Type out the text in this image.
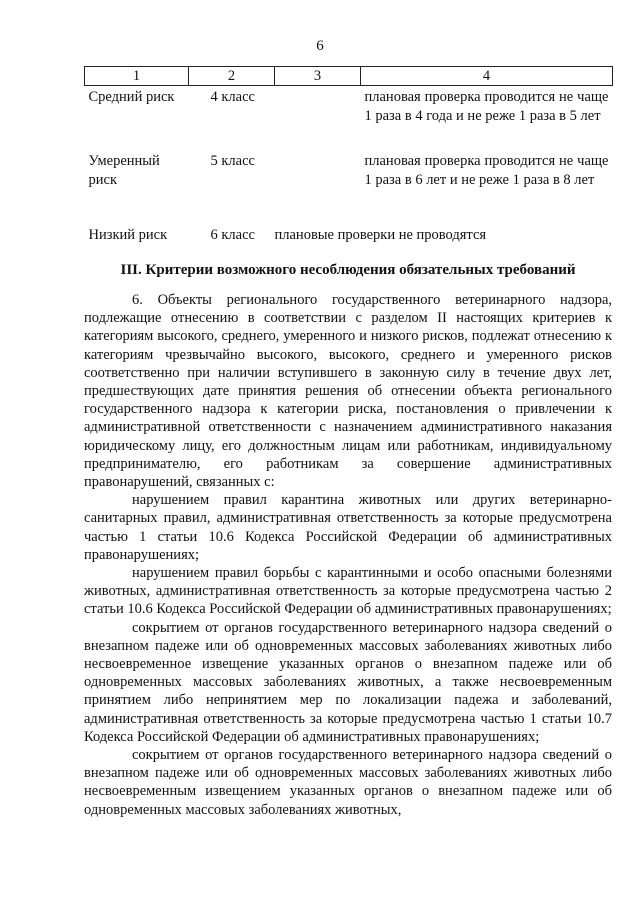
6
1	2	3	4
Средний риск	4 класс		плановая проверка проводится не чаще 1 раза в 4 года и не реже 1 раза в 5 лет
Умеренный риск	5 класс		плановая проверка проводится не чаще 1 раза в 6 лет и не реже 1 раза в 8 лет
Низкий риск	6 класс	плановые проверки не проводятся	
III. Критерии возможного несоблюдения обязательных требований

6. Объекты регионального государственного ветеринарного надзора, подлежащие отнесению в соответствии с разделом II настоящих критериев к категориям высокого, среднего, умеренного и низкого рисков, подлежат отнесению к категориям чрезвычайно высокого, высокого, среднего и умеренного рисков соответственно при наличии вступившего в законную силу в течение двух лет, предшествующих дате принятия решения об отнесении объекта регионального государственного надзора к категории риска, постановления о привлечении к административной ответственности с назначением административного наказания юридическому лицу, его должностным лицам или работникам, индивидуальному предпринимателю, его работникам за совершение административных правонарушений, связанных с:

нарушением правил карантина животных или других ветеринарно-санитарных правил, административная ответственность за которые предусмотрена частью 1 статьи 10.6 Кодекса Российской Федерации об административных правонарушениях;

нарушением правил борьбы с карантинными и особо опасными болезнями животных, административная ответственность за которые предусмотрена частью 2 статьи 10.6 Кодекса Российской Федерации об административных правонарушениях;

сокрытием от органов государственного ветеринарного надзора сведений о внезапном падеже или об одновременных массовых заболеваниях животных либо несвоевременное извещение указанных органов о внезапном падеже или об одновременных массовых заболеваниях животных, а также несвоевременным принятием либо непринятием мер по локализации падежа и заболеваний, административная ответственность за которые предусмотрена частью 1 статьи 10.7 Кодекса Российской Федерации об административных правонарушениях;

сокрытием от органов государственного ветеринарного надзора сведений о внезапном падеже или об одновременных массовых заболеваниях животных либо несвоевременным извещением указанных органов о внезапном падеже или об одновременных массовых заболеваниях животных,
